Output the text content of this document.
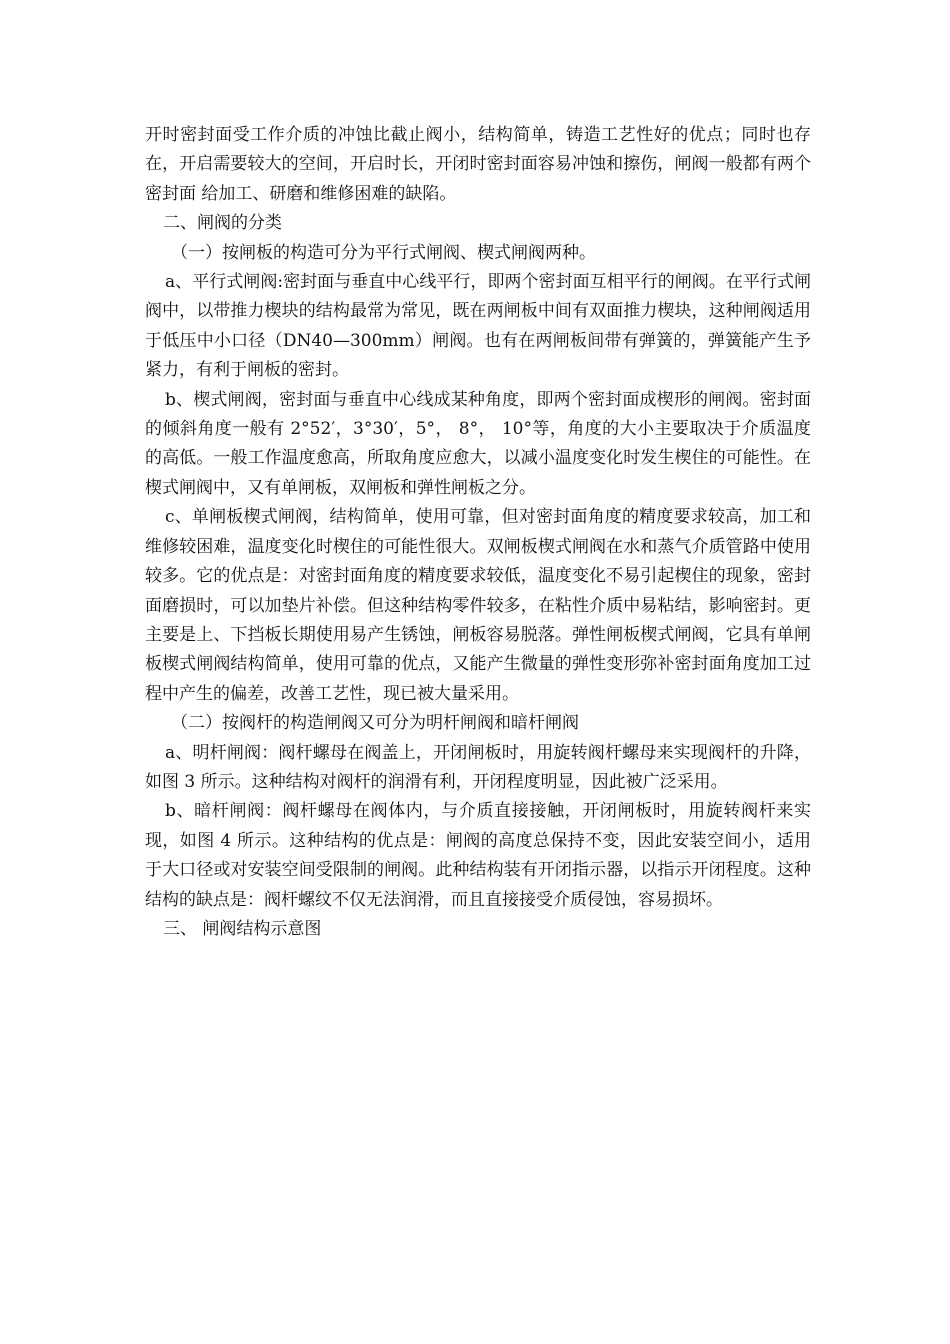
开时密封面受工作介质的冲蚀比截止阀小，结构简单，铸造工艺性好的优点；同时也存在，开启需要较大的空间，开启时长，开闭时密封面容易冲蚀和擦伤，闸阀一般都有两个密封面 给加工、研磨和维修困难的缺陷。

二、闸阀的分类

（一）按闸板的构造可分为平行式闸阀、楔式闸阀两种。

a、平行式闸阀:密封面与垂直中心线平行，即两个密封面互相平行的闸阀。在平行式闸阀中，以带推力楔块的结构最常为常见，既在两闸板中间有双面推力楔块，这种闸阀适用于低压中小口径（DN40—300mm）闸阀。也有在两闸板间带有弹簧的，弹簧能产生予紧力，有利于闸板的密封。

b、楔式闸阀，密封面与垂直中心线成某种角度，即两个密封面成楔形的闸阀。密封面的倾斜角度一般有 2°52′，3°30′，5°， 8°， 10°等，角度的大小主要取决于介质温度的高低。一般工作温度愈高，所取角度应愈大，以减小温度变化时发生楔住的可能性。在楔式闸阀中，又有单闸板，双闸板和弹性闸板之分。

c、单闸板楔式闸阀，结构简单，使用可靠，但对密封面角度的精度要求较高，加工和维修较困难，温度变化时楔住的可能性很大。双闸板楔式闸阀在水和蒸气介质管路中使用较多。它的优点是：对密封面角度的精度要求较低，温度变化不易引起楔住的现象，密封面磨损时，可以加垫片补偿。但这种结构零件较多，在粘性介质中易粘结，影响密封。更主要是上、下挡板长期使用易产生锈蚀，闸板容易脱落。弹性闸板楔式闸阀，它具有单闸板楔式闸阀结构简单，使用可靠的优点，又能产生微量的弹性变形弥补密封面角度加工过程中产生的偏差，改善工艺性，现已被大量采用。

（二）按阀杆的构造闸阀又可分为明杆闸阀和暗杆闸阀

a、明杆闸阀：阀杆螺母在阀盖上，开闭闸板时，用旋转阀杆螺母来实现阀杆的升降，如图 3 所示。这种结构对阀杆的润滑有利，开闭程度明显，因此被广泛采用。

b、暗杆闸阀：阀杆螺母在阀体内，与介质直接接触，开闭闸板时，用旋转阀杆来实现，如图 4 所示。这种结构的优点是：闸阀的高度总保持不变，因此安装空间小，适用于大口径或对安装空间受限制的闸阀。此种结构装有开闭指示器，以指示开闭程度。这种结构的缺点是：阀杆螺纹不仅无法润滑，而且直接接受介质侵蚀，容易损坏。

三、 闸阀结构示意图
